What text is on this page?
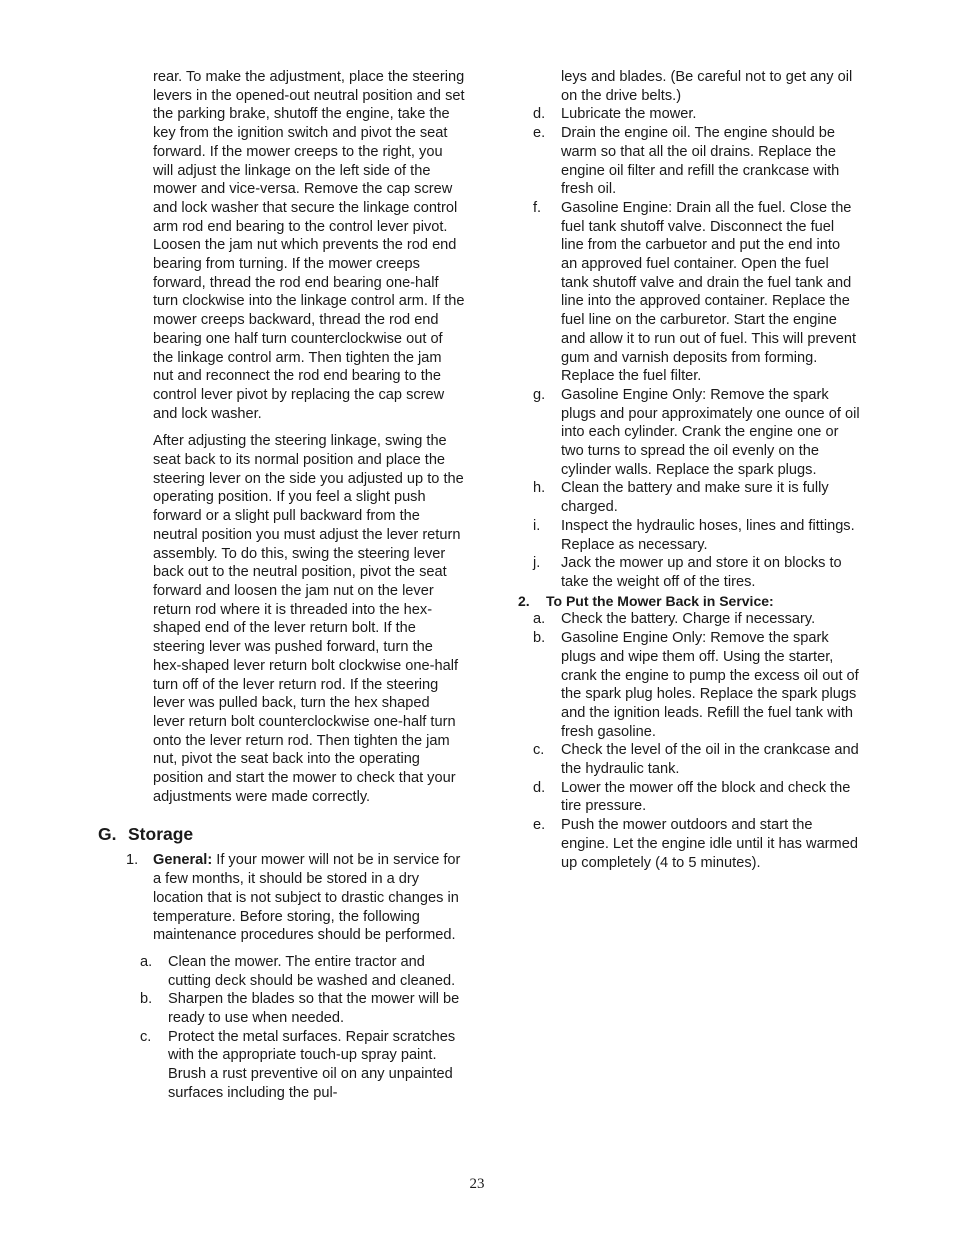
rear. To make the adjustment, place the steering levers in the opened-out neutral position and set the parking brake, shutoff the engine, take the key from the ignition switch and pivot the seat forward. If the mower creeps to the right, you will adjust the linkage on the left side of the mower and vice-versa. Remove the cap screw and lock washer that secure the linkage control arm rod end bearing to the control lever pivot. Loosen the jam nut which prevents the rod end bearing from turning. If the mower creeps forward, thread the rod end bearing one-half turn clockwise into the linkage control arm. If the mower creeps backward, thread the rod end bearing one half turn counterclockwise out of the linkage control arm. Then tighten the jam nut and reconnect the rod end bearing to the control lever pivot by replacing the cap screw and lock washer.
After adjusting the steering linkage, swing the seat back to its normal position and place the steering lever on the side you adjusted up to the operating position. If you feel a slight push forward or a slight pull backward from the neutral position you must adjust the lever return assembly. To do this, swing the steering lever back out to the neutral position, pivot the seat forward and loosen the jam nut on the lever return rod where it is threaded into the hex-shaped end of the lever return bolt. If the steering lever was pushed forward, turn the hex-shaped lever return bolt clockwise one-half turn off of the lever return rod. If the steering lever was pulled back, turn the hex shaped lever return bolt counterclockwise one-half turn onto the lever return rod. Then tighten the jam nut, pivot the seat back into the operating position and start the mower to check that your adjustments were made correctly.
G. Storage
1.	General: If your mower will not be in service for a few months, it should be stored in a dry location that is not subject to drastic changes in temperature. Before storing, the following maintenance procedures should be performed.
a.	Clean the mower. The entire tractor and cutting deck should be washed and cleaned.
b.	Sharpen the blades so that the mower will be ready to use when needed.
c.	Protect the metal surfaces. Repair scratches with the appropriate touch-up spray paint. Brush a rust preventive oil on any unpainted surfaces including the pul-
leys and blades. (Be careful not to get any oil on the drive belts.)
d.	Lubricate the mower.
e.	Drain the engine oil. The engine should be warm so that all the oil drains. Replace the engine oil filter and refill the crankcase with fresh oil.
f.	Gasoline Engine: Drain all the fuel. Close the fuel tank shutoff valve. Disconnect the fuel line from the carbuetor and put the end into an approved fuel container. Open the fuel tank shutoff valve and drain the fuel tank and line into the approved container. Replace the fuel line on the carburetor. Start the engine and allow it to run out of fuel. This will prevent gum and varnish deposits from forming. Replace the fuel filter.
g.	Gasoline Engine Only: Remove the spark plugs and pour approximately one ounce of oil into each cylinder. Crank the engine one or two turns to spread the oil evenly on the cylinder walls. Replace the spark plugs.
h.	Clean the battery and make sure it is fully charged.
i.	Inspect the hydraulic hoses, lines and fittings. Replace as necessary.
j.	Jack the mower up and store it on blocks to take the weight off of the tires.
2.	To Put the Mower Back in Service:
a.	Check the battery. Charge if necessary.
b.	Gasoline Engine Only: Remove the spark plugs and wipe them off. Using the starter, crank the engine to pump the excess oil out of the spark plug holes. Replace the spark plugs and the ignition leads. Refill the fuel tank with fresh gasoline.
c.	Check the level of the oil in the crankcase and the hydraulic tank.
d.	Lower the mower off the block and check the tire pressure.
e.	Push the mower outdoors and start the engine. Let the engine idle until it has warmed up completely (4 to 5 minutes).
23
